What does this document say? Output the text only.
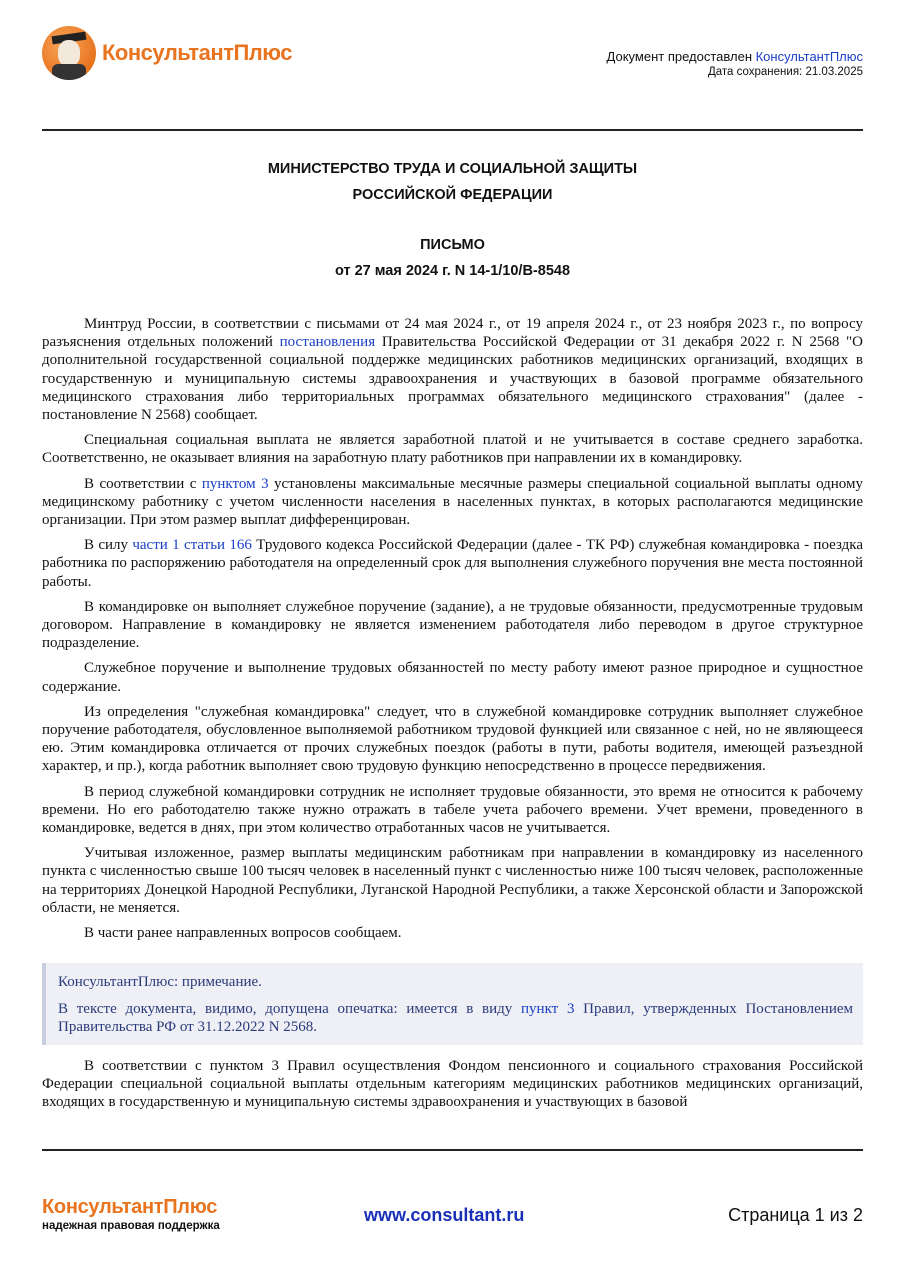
КонсультантПлюс	Документ предоставлен КонсультантПлюс
Дата сохранения: 21.03.2025
МИНИСТЕРСТВО ТРУДА И СОЦИАЛЬНОЙ ЗАЩИТЫ
РОССИЙСКОЙ ФЕДЕРАЦИИ
ПИСЬМО
от 27 мая 2024 г. N 14-1/10/В-8548

Минтруд России, в соответствии с письмами от 24 мая 2024 г., от 19 апреля 2024 г., от 23 ноября 2023 г., по вопросу разъяснения отдельных положений постановления Правительства Российской Федерации от 31 декабря 2022 г. N 2568 "О дополнительной государственной социальной поддержке медицинских работников медицинских организаций, входящих в государственную и муниципальную системы здравоохранения и участвующих в базовой программе обязательного медицинского страхования либо территориальных программах обязательного медицинского страхования" (далее - постановление N 2568) сообщает.

Специальная социальная выплата не является заработной платой и не учитывается в составе среднего заработка. Соответственно, не оказывает влияния на заработную плату работников при направлении их в командировку.

В соответствии с пунктом 3 установлены максимальные месячные размеры специальной социальной выплаты одному медицинскому работнику с учетом численности населения в населенных пунктах, в которых располагаются медицинские организации. При этом размер выплат дифференцирован.

В силу части 1 статьи 166 Трудового кодекса Российской Федерации (далее - ТК РФ) служебная командировка - поездка работника по распоряжению работодателя на определенный срок для выполнения служебного поручения вне места постоянной работы.

В командировке он выполняет служебное поручение (задание), а не трудовые обязанности, предусмотренные трудовым договором. Направление в командировку не является изменением работодателя либо переводом в другое структурное подразделение.

Служебное поручение и выполнение трудовых обязанностей по месту работу имеют разное природное и сущностное содержание.

Из определения "служебная командировка" следует, что в служебной командировке сотрудник выполняет служебное поручение работодателя, обусловленное выполняемой работником трудовой функцией или связанное с ней, но не являющееся ею. Этим командировка отличается от прочих служебных поездок (работы в пути, работы водителя, имеющей разъездной характер, и пр.), когда работник выполняет свою трудовую функцию непосредственно в процессе передвижения.

В период служебной командировки сотрудник не исполняет трудовые обязанности, это время не относится к рабочему времени. Но его работодателю также нужно отражать в табеле учета рабочего времени. Учет времени, проведенного в командировке, ведется в днях, при этом количество отработанных часов не учитывается.

Учитывая изложенное, размер выплаты медицинским работникам при направлении в командировку из населенного пункта с численностью свыше 100 тысяч человек в населенный пункт с численностью ниже 100 тысяч человек, расположенные на территориях Донецкой Народной Республики, Луганской Народной Республики, а также Херсонской области и Запорожской области, не меняется.

В части ранее направленных вопросов сообщаем.

КонсультантПлюс: примечание.
В тексте документа, видимо, допущена опечатка: имеется в виду пункт 3 Правил, утвержденных Постановлением Правительства РФ от 31.12.2022 N 2568.

В соответствии с пунктом 3 Правил осуществления Фондом пенсионного и социального страхования Российской Федерации специальной социальной выплаты отдельным категориям медицинских работников медицинских организаций, входящих в государственную и муниципальную системы здравоохранения и участвующих в базовой

КонсультантПлюс
надежная правовая поддержка
www.consultant.ru	Страница 1 из 2
